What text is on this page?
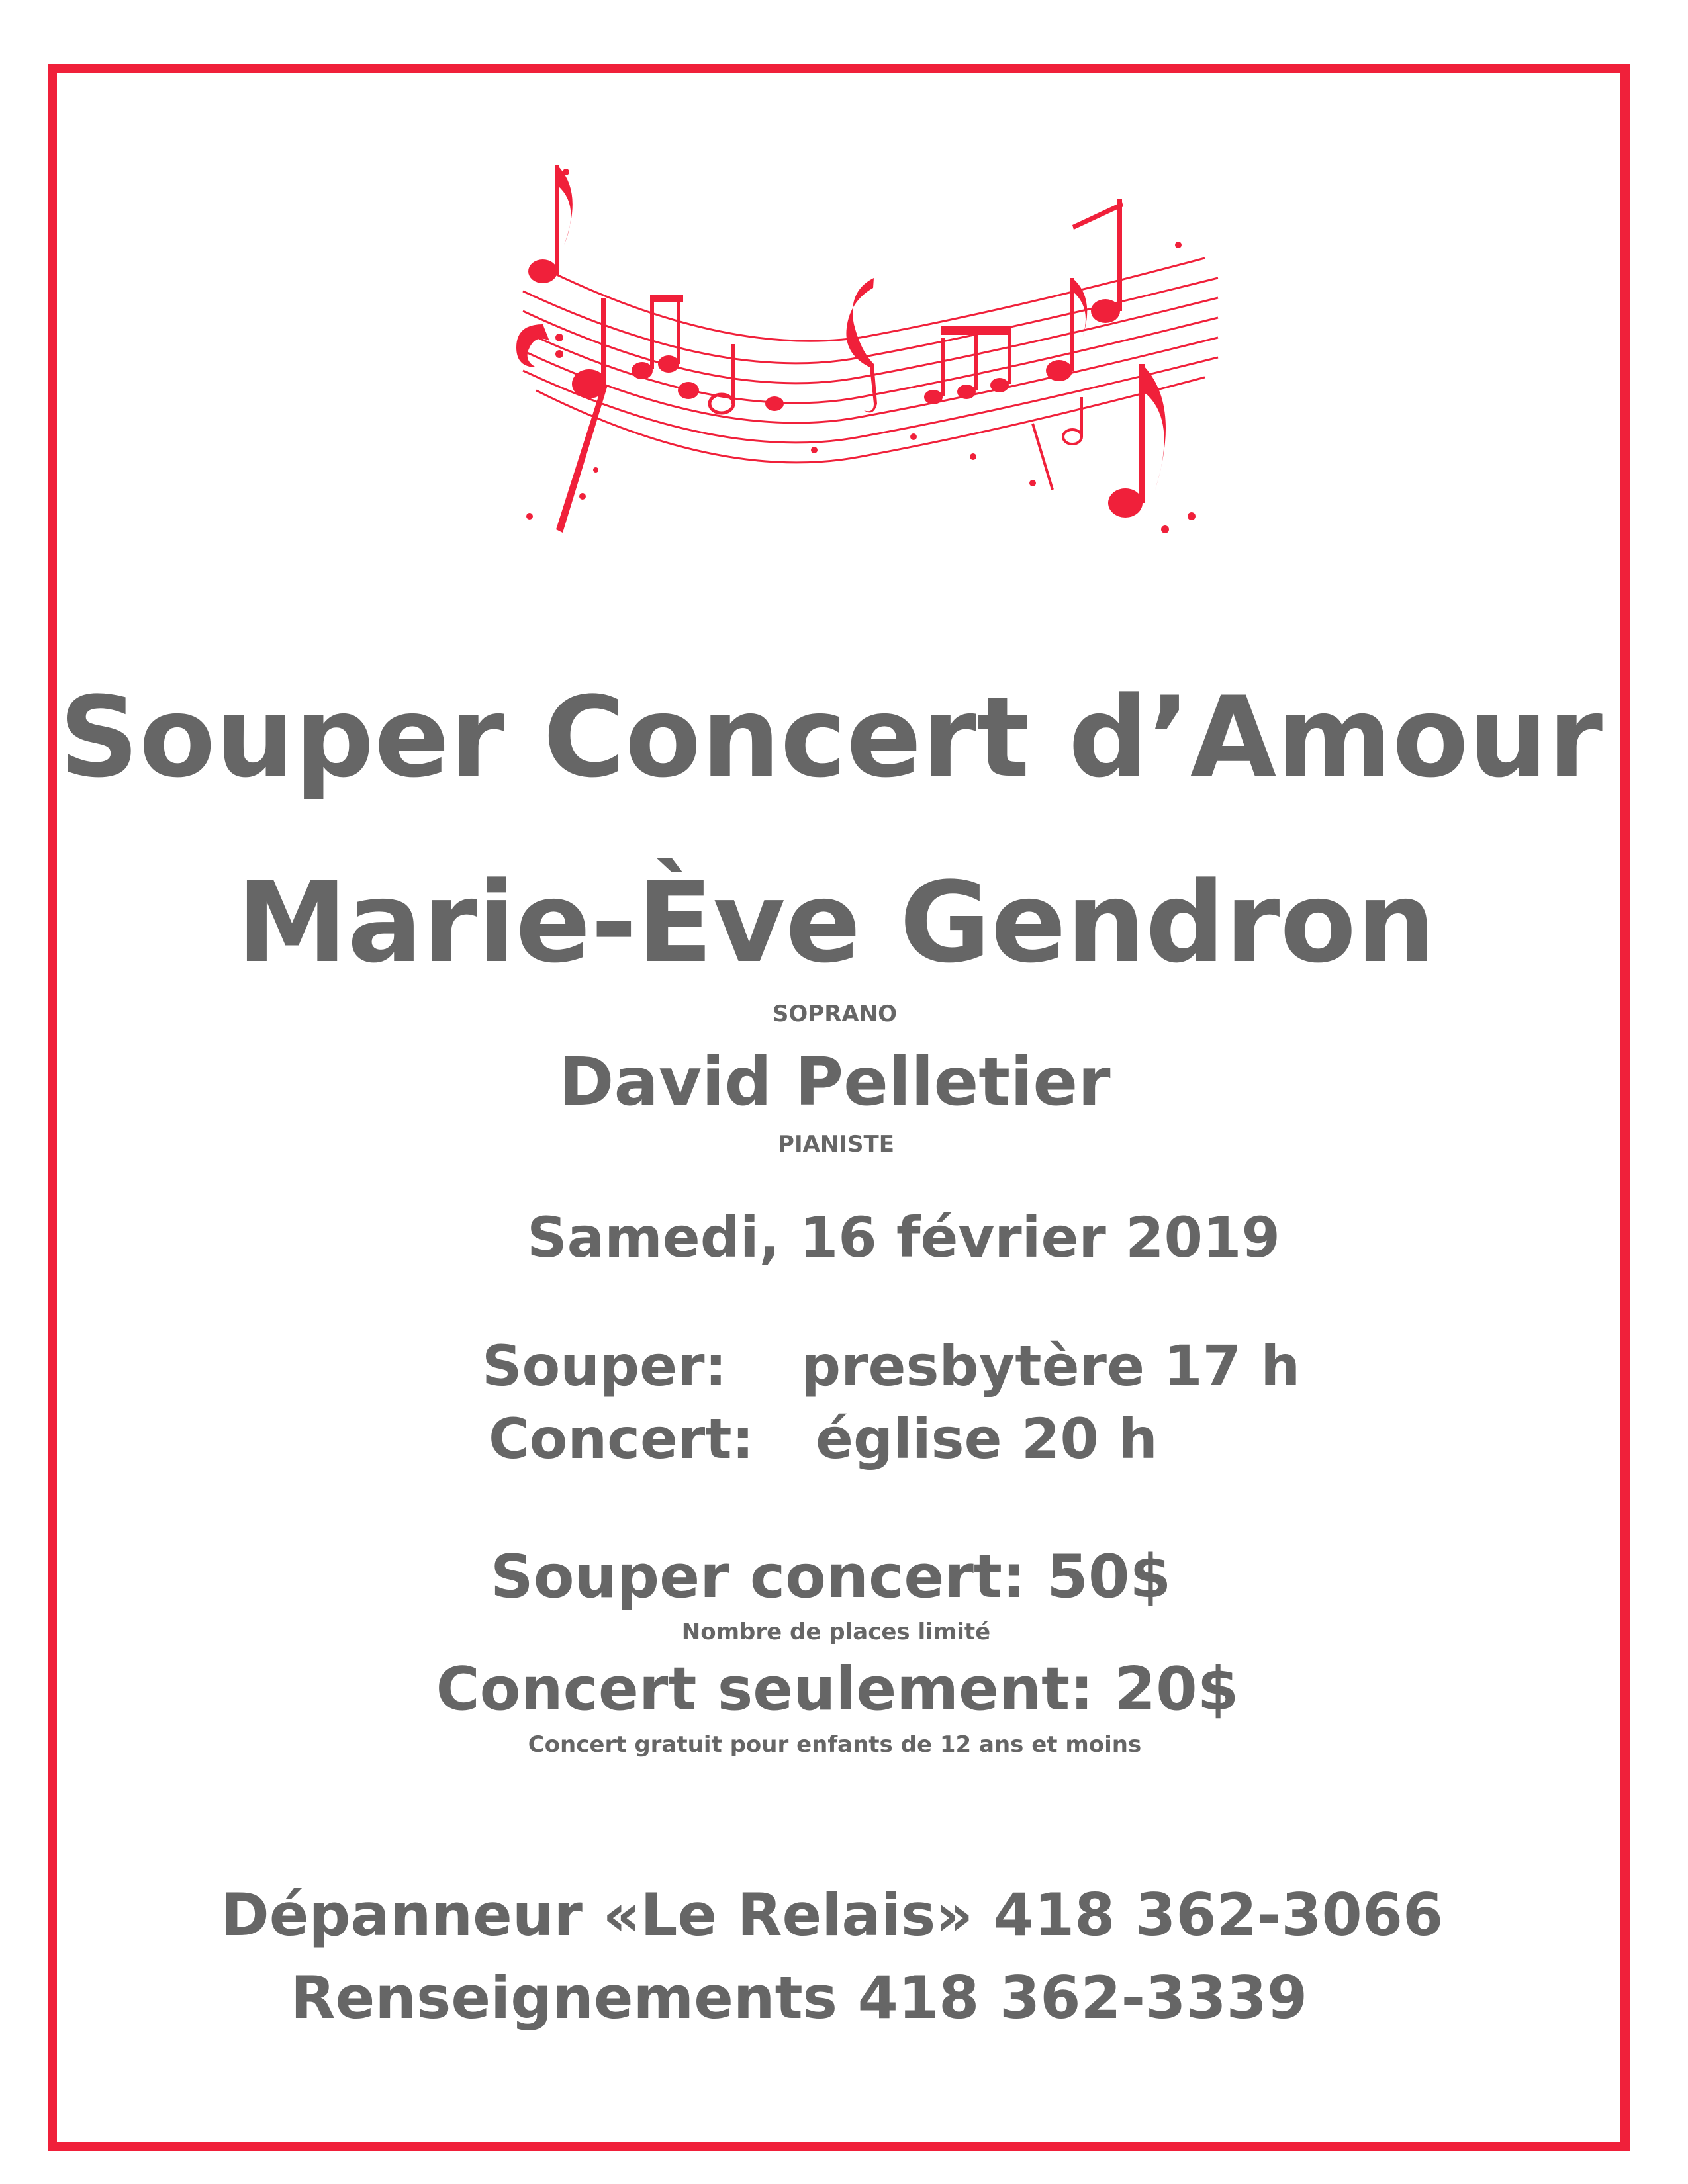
Souper Concert d’Amour
Marie-Ève Gendron
SOPRANO
David Pelletier
PIANISTE
Samedi, 16 février 2019
Souper: presbytère 17 h
Concert: église 20 h
Souper concert: 50$
Nombre de places limité
Concert seulement: 20$
Concert gratuit pour enfants de 12 ans et moins
Dépanneur «Le Relais» 418 362-3066
Renseignements 418 362-3339
